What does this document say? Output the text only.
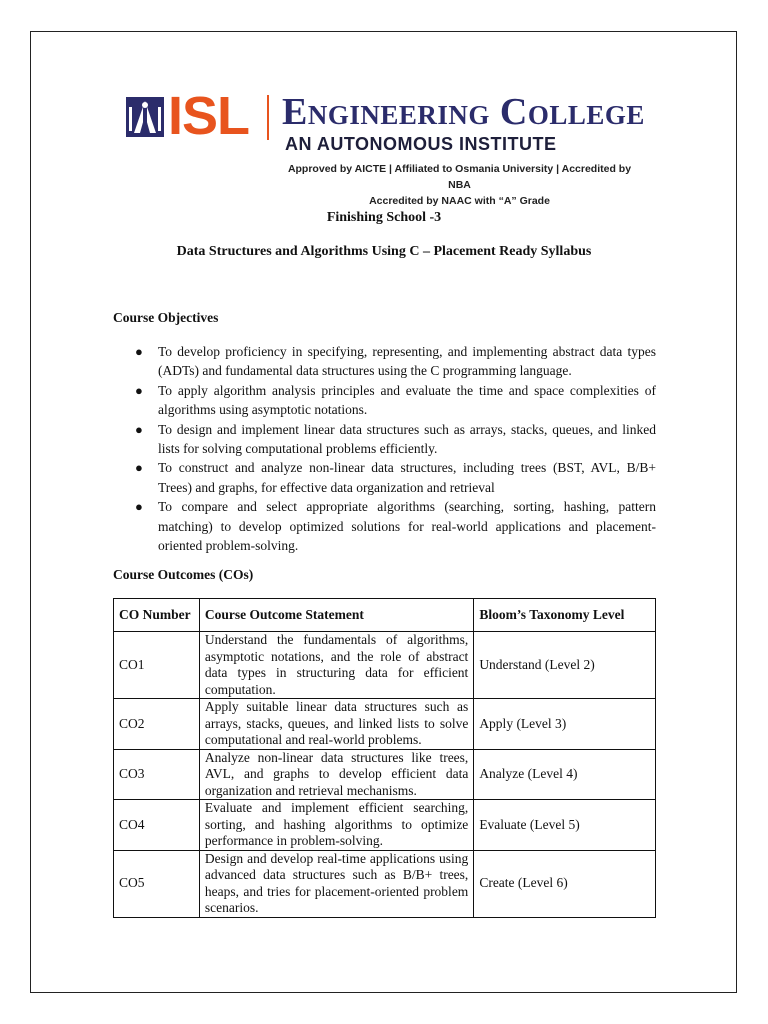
ISL Engineering College
AN AUTONOMOUS INSTITUTE
Approved by AICTE | Affiliated to Osmania University | Accredited by NBA
Accredited by NAAC with “A” Grade
Finishing School -3
Data Structures and Algorithms Using C – Placement Ready Syllabus
Course Objectives
● To develop proficiency in specifying, representing, and implementing abstract data types (ADTs) and fundamental data structures using the C programming language.
● To apply algorithm analysis principles and evaluate the time and space complexities of algorithms using asymptotic notations.
● To design and implement linear data structures such as arrays, stacks, queues, and linked lists for solving computational problems efficiently.
● To construct and analyze non-linear data structures, including trees (BST, AVL, B/B+ Trees) and graphs, for effective data organization and retrieval
● To compare and select appropriate algorithms (searching, sorting, hashing, pattern matching) to develop optimized solutions for real-world applications and placement-oriented problem-solving.
Course Outcomes (COs)
CO Number	Course Outcome Statement	Bloom’s Taxonomy Level
CO1	Understand the fundamentals of algorithms, asymptotic notations, and the role of abstract data types in structuring data for efficient computation.	Understand (Level 2)
CO2	Apply suitable linear data structures such as arrays, stacks, queues, and linked lists to solve computational and real-world problems.	Apply (Level 3)
CO3	Analyze non-linear data structures like trees, AVL, and graphs to develop efficient data organization and retrieval mechanisms.	Analyze (Level 4)
CO4	Evaluate and implement efficient searching, sorting, and hashing algorithms to optimize performance in problem-solving.	Evaluate (Level 5)
CO5	Design and develop real-time applications using advanced data structures such as B/B+ trees, heaps, and tries for placement-oriented problem scenarios.	Create (Level 6)
